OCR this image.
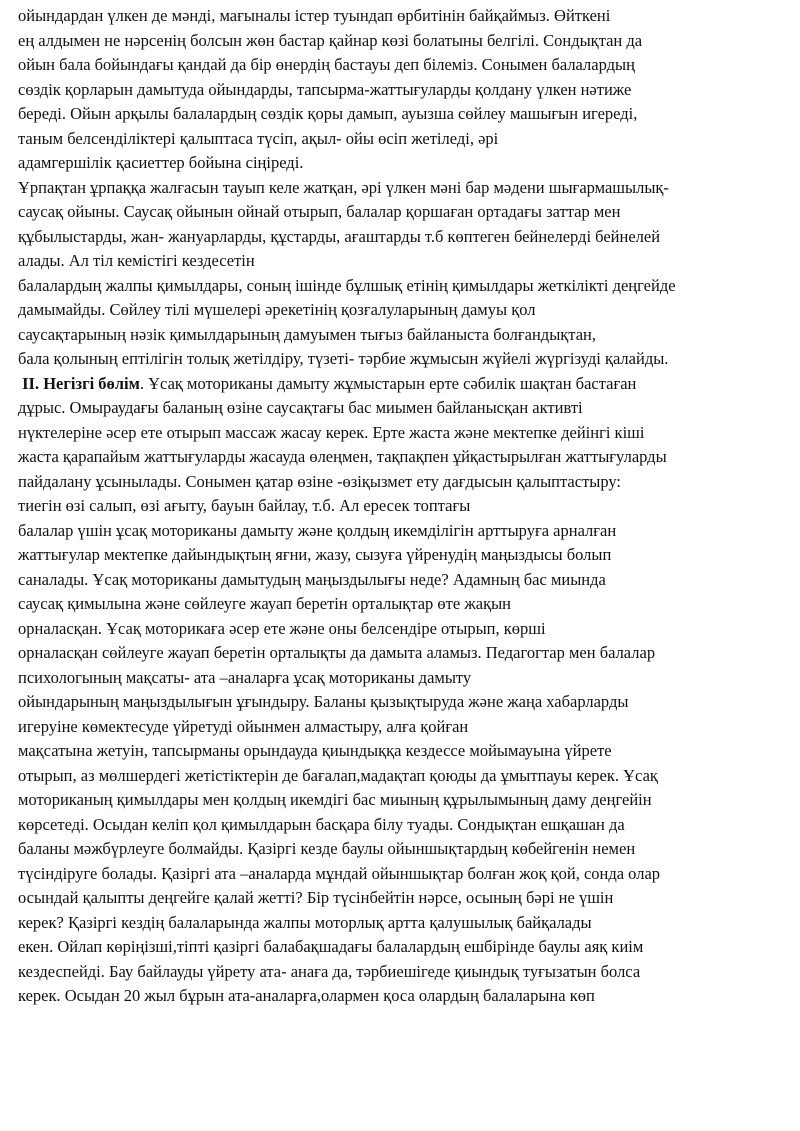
ойындардан үлкен де мәнді, мағыналы істер туындап өрбитінін байқаймыз. Өйткені
ең алдымен не нәрсенің болсын жөн бастар қайнар көзі болатыны белгілі. Сондықтан да
ойын бала бойындағы қандай да бір өнердің бастауы деп білеміз. Сонымен балалардың
сөздік қорларын дамытуда ойындарды, тапсырма-жаттығуларды қолдану үлкен нәтиже
береді. Ойын арқылы балалардың сөздік қоры дамып, ауызша сөйлеу машығын игереді,
таным белсенділіктері қалыптаса түсіп, ақыл- ойы өсіп жетіледі, әрі
адамгершілік қасиеттер бойына сіңіреді.
Ұрпақтан ұрпаққа жалғасын тауып келе жатқан, әрі үлкен мәні бар мәдени шығармашылық-
саусақ ойыны. Саусақ ойынын ойнай отырып, балалар қоршаған ортадағы заттар мен
құбылыстарды, жан- жануарларды, құстарды, ағаштарды т.б көптеген бейнелерді бейнелей
алады. Ал тіл кемістігі кездесетін
балалардың жалпы қимылдары, соның ішінде бұлшық етінің қимылдары жеткілікті деңгейде
дамымайды. Сөйлеу тілі мүшелері әрекетінің қозғалуларының дамуы қол
саусақтарының нәзік қимылдарының дамуымен тығыз байланыста болғандықтан,
бала қолының ептілігін толық жетілдіру, түзеті- тәрбие жұмысын жүйелі жүргізуді қалайды.
II. Негізгі бөлім. Ұсақ моториканы дамыту жұмыстарын ерте сәбилік шақтан бастаған
дұрыс. Омыраудағы баланың өзіне саусақтағы бас миымен байланысқан активті
нүктелеріне әсер ете отырып массаж жасау керек. Ерте жаста және мектепке дейінгі кіші
жаста қарапайым жаттығуларды жасауда өлеңмен, тақпақпен ұйқастырылған жаттығуларды
пайдалану ұсынылады. Сонымен қатар өзіне -өзіқызмет ету дағдысын қалыптастыру:
тиегін өзі салып, өзі ағыту, бауын байлау, т.б. Ал ересек топтағы
балалар үшін ұсақ моториканы дамыту және қолдың икемділігін арттыруға арналған
жаттығулар мектепке дайындықтың яғни, жазу, сызуға үйренудің маңыздысы болып
саналады. Ұсақ моториканы дамытудың маңыздылығы неде? Адамның бас миында
саусақ қимылына және сөйлеуге жауап беретін орталықтар өте жақын
орналасқан. Ұсақ моторикаға әсер ете және оны белсендіре отырып, көрші
орналасқан сөйлеуге жауап беретін орталықты да дамыта аламыз. Педагогтар мен балалар
психологының мақсаты- ата –аналарға ұсақ моториканы дамыту
ойындарының маңыздылығын ұғындыру. Баланы қызықтыруда және жаңа хабарларды
игеруіне көмектесуде үйретуді ойынмен алмастыру, алға қойған
мақсатына жетуін, тапсырманы орындауда қиындыққа кездессе мойымауына үйрете
отырып, аз мөлшердегі жетістіктерін де бағалап,мадақтап қоюды да ұмытпауы керек. Ұсақ
моториканың қимылдары мен қолдың икемдігі бас миының құрылымының даму деңгейін
көрсетеді. Осыдан келіп қол қимылдарын басқара білу туады. Сондықтан ешқашан да
баланы мәжбүрлеуге болмайды. Қазіргі кезде баулы ойыншықтардың көбейгенін немен
түсіндіруге болады. Қазіргі ата –аналарда мұндай ойыншықтар болған жоқ қой, сонда олар
осындай қалыпты деңгейге қалай жетті? Бір түсінбейтін нәрсе, осының бәрі не үшін
керек? Қазіргі кездің балаларында жалпы моторлық артта қалушылық байқалады
екен. Ойлап көріңізші,тіпті қазіргі балабақшадағы балалардың ешбірінде баулы аяқ киім
кездеспейді. Бау байлауды үйрету ата- анаға да, тәрбиешігеде қиындық туғызатын болса
керек. Осыдан 20 жыл бұрын ата-аналарға,олармен қоса олардың балаларына көп
